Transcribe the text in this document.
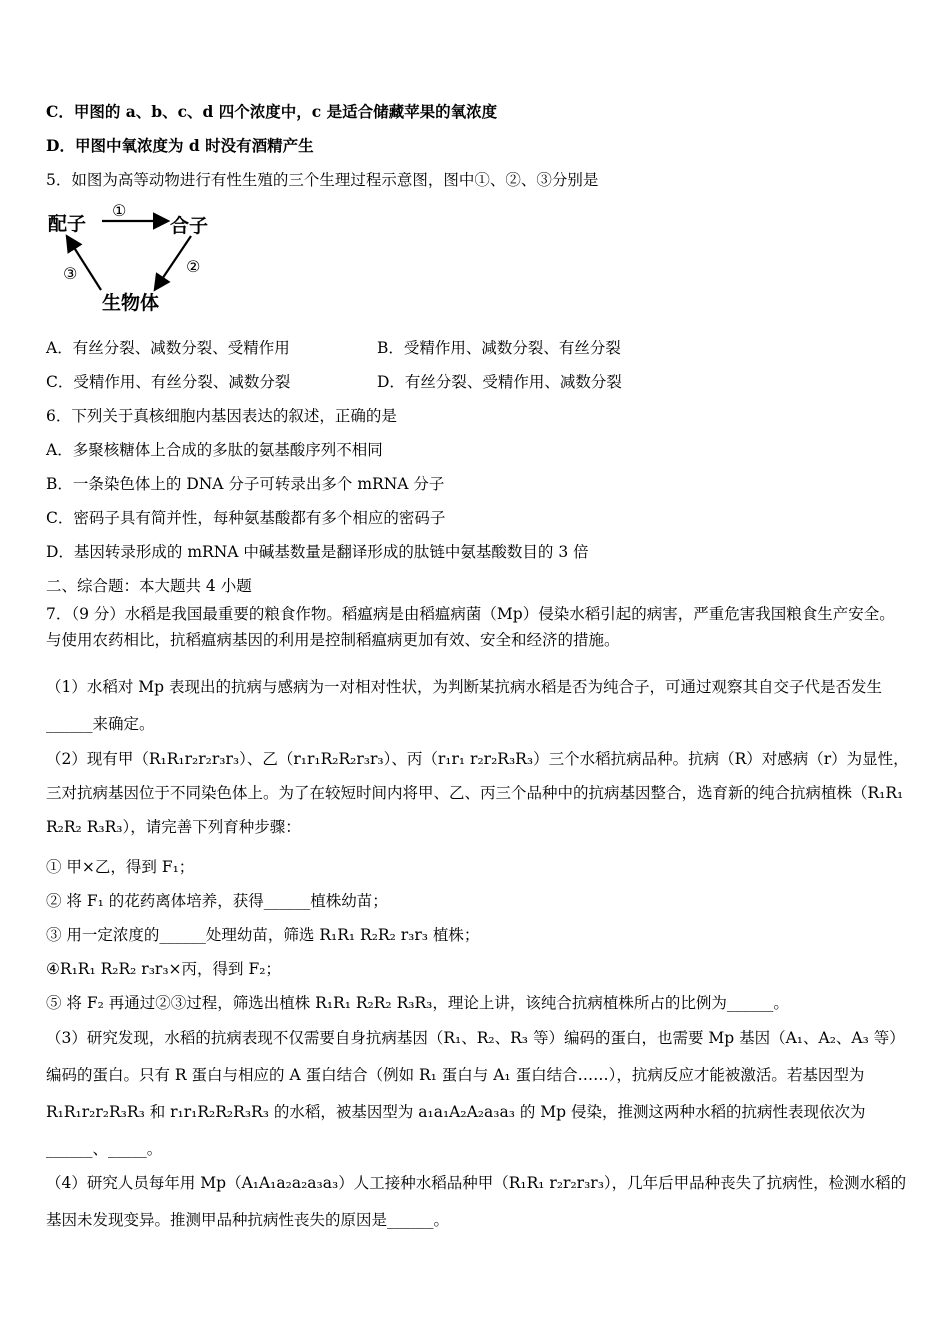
C．甲图的 a、b、c、d 四个浓度中，c 是适合储藏苹果的氧浓度
D．甲图中氧浓度为 d 时没有酒精产生
5．如图为高等动物进行有性生殖的三个生理过程示意图，图中①、②、③分别是
配子	合子
生物体
①
②
③
A．有丝分裂、减数分裂、受精作用	B．受精作用、减数分裂、有丝分裂
C．受精作用、有丝分裂、减数分裂	D．有丝分裂、受精作用、减数分裂
6．下列关于真核细胞内基因表达的叙述，正确的是
A．多聚核糖体上合成的多肽的氨基酸序列不相同
B．一条染色体上的 DNA 分子可转录出多个 mRNA 分子
C．密码子具有简并性，每种氨基酸都有多个相应的密码子
D．基因转录形成的 mRNA 中碱基数量是翻译形成的肽链中氨基酸数目的 3 倍
二、综合题：本大题共 4 小题
7．（9 分）水稻是我国最重要的粮食作物。稻瘟病是由稻瘟病菌（Mp）侵染水稻引起的病害，严重危害我国粮食生产安全。与使用农药相比，抗稻瘟病基因的利用是控制稻瘟病更加有效、安全和经济的措施。
（1）水稻对 Mp 表现出的抗病与感病为一对相对性状，为判断某抗病水稻是否为纯合子，可通过观察其自交子代是否发生______来确定。
（2）现有甲（R₁R₁r₂r₂r₃r₃）、乙（r₁r₁R₂R₂r₃r₃）、丙（r₁r₁ r₂r₂R₃R₃）三个水稻抗病品种。抗病（R）对感病（r）为显性，三对抗病基因位于不同染色体上。为了在较短时间内将甲、乙、丙三个品种中的抗病基因整合，选育新的纯合抗病植株（R₁R₁ R₂R₂ R₃R₃），请完善下列育种步骤：
① 甲×乙，得到 F₁；
② 将 F₁ 的花药离体培养，获得______植株幼苗；
③ 用一定浓度的______处理幼苗，筛选 R₁R₁ R₂R₂ r₃r₃ 植株；
④R₁R₁ R₂R₂ r₃r₃×丙，得到 F₂；
⑤ 将 F₂ 再通过②③过程，筛选出植株 R₁R₁ R₂R₂ R₃R₃，理论上讲，该纯合抗病植株所占的比例为______。
（3）研究发现，水稻的抗病表现不仅需要自身抗病基因（R₁、R₂、R₃ 等）编码的蛋白，也需要 Mp 基因（A₁、A₂、A₃ 等）编码的蛋白。只有 R 蛋白与相应的 A 蛋白结合（例如 R₁ 蛋白与 A₁ 蛋白结合……），抗病反应才能被激活。若基因型为 R₁R₁r₂r₂R₃R₃ 和 r₁r₁R₂R₂R₃R₃ 的水稻，被基因型为 a₁a₁A₂A₂a₃a₃ 的 Mp 侵染，推测这两种水稻的抗病性表现依次为______、_____。
（4）研究人员每年用 Mp（A₁A₁a₂a₂a₃a₃）人工接种水稻品种甲（R₁R₁ r₂r₂r₃r₃），几年后甲品种丧失了抗病性，检测水稻的基因未发现变异。推测甲品种抗病性丧失的原因是______。
